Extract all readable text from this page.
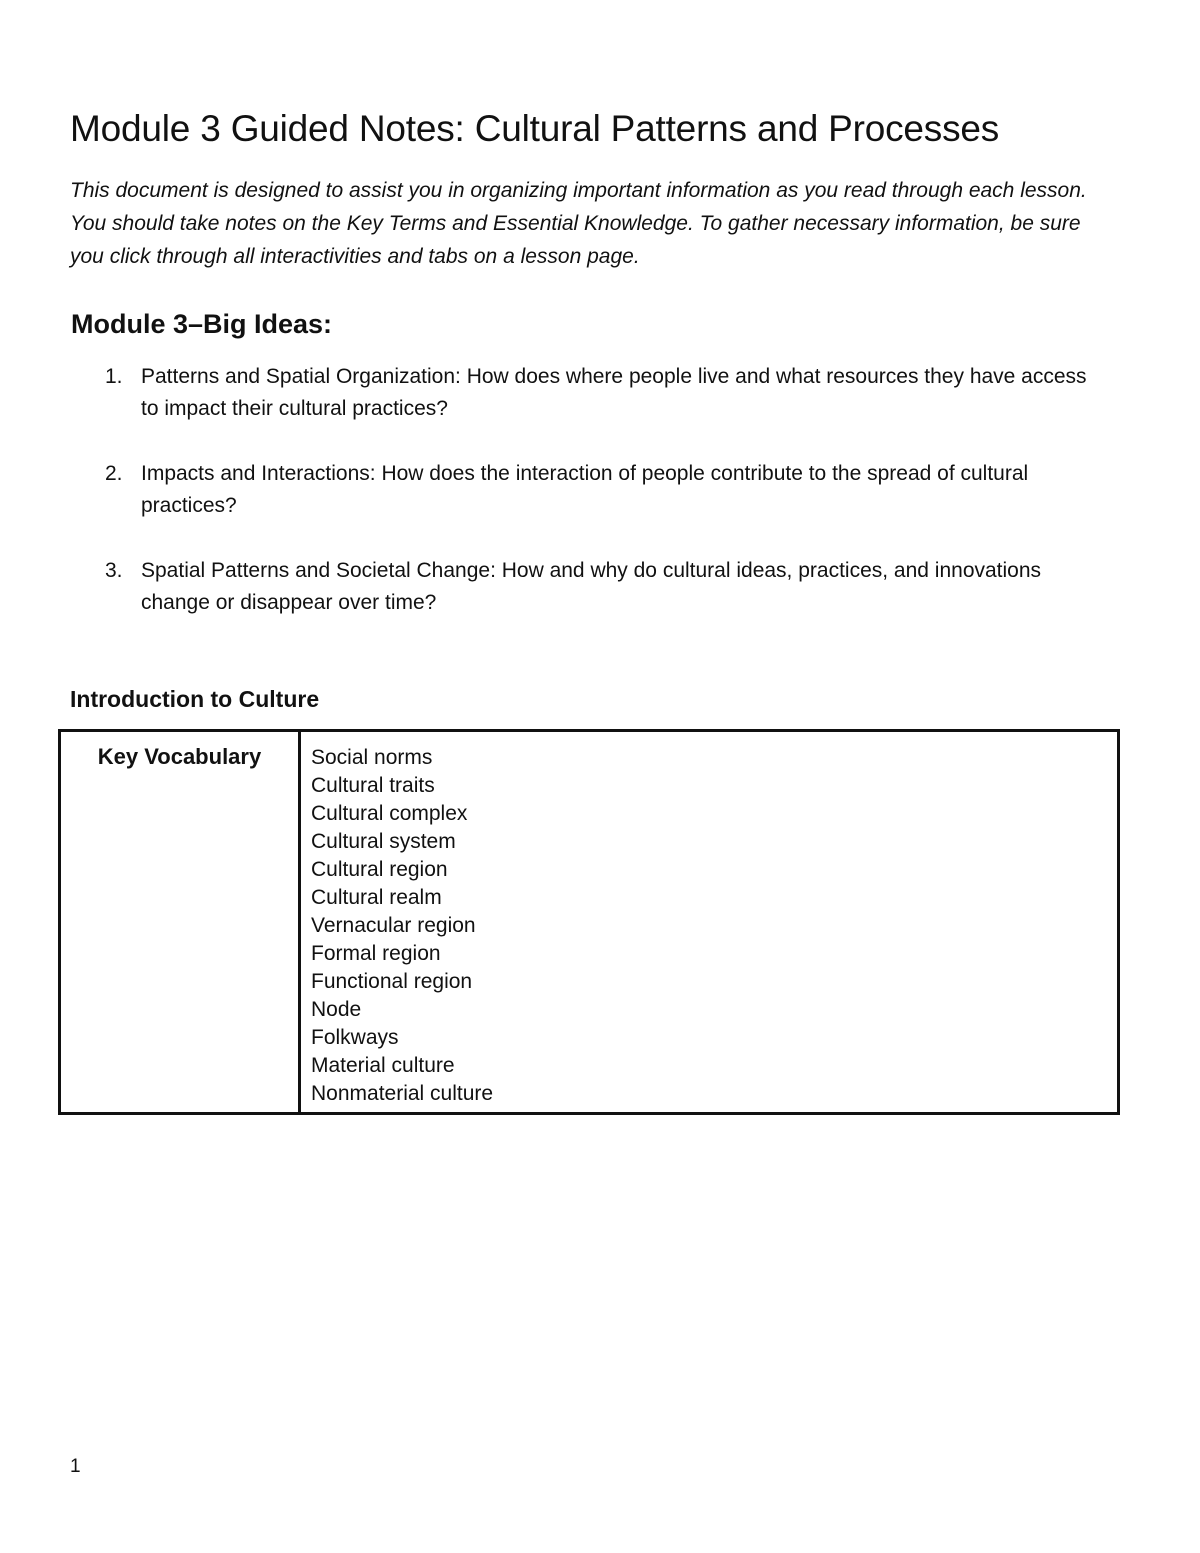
Module 3 Guided Notes: Cultural Patterns and Processes

This document is designed to assist you in organizing important information as you read through each lesson. You should take notes on the Key Terms and Essential Knowledge. To gather necessary information, be sure you click through all interactivities and tabs on a lesson page.

Module 3–Big Ideas:
1. Patterns and Spatial Organization: How does where people live and what resources they have access to impact their cultural practices?
2. Impacts and Interactions: How does the interaction of people contribute to the spread of cultural practices?
3. Spatial Patterns and Societal Change: How and why do cultural ideas, practices, and innovations change or disappear over time?
Introduction to Culture
Key Vocabulary	Social norms
Cultural traits
Cultural complex
Cultural system
Cultural region
Cultural realm
Vernacular region
Formal region
Functional region
Node
Folkways
Material culture
Nonmaterial culture
1
